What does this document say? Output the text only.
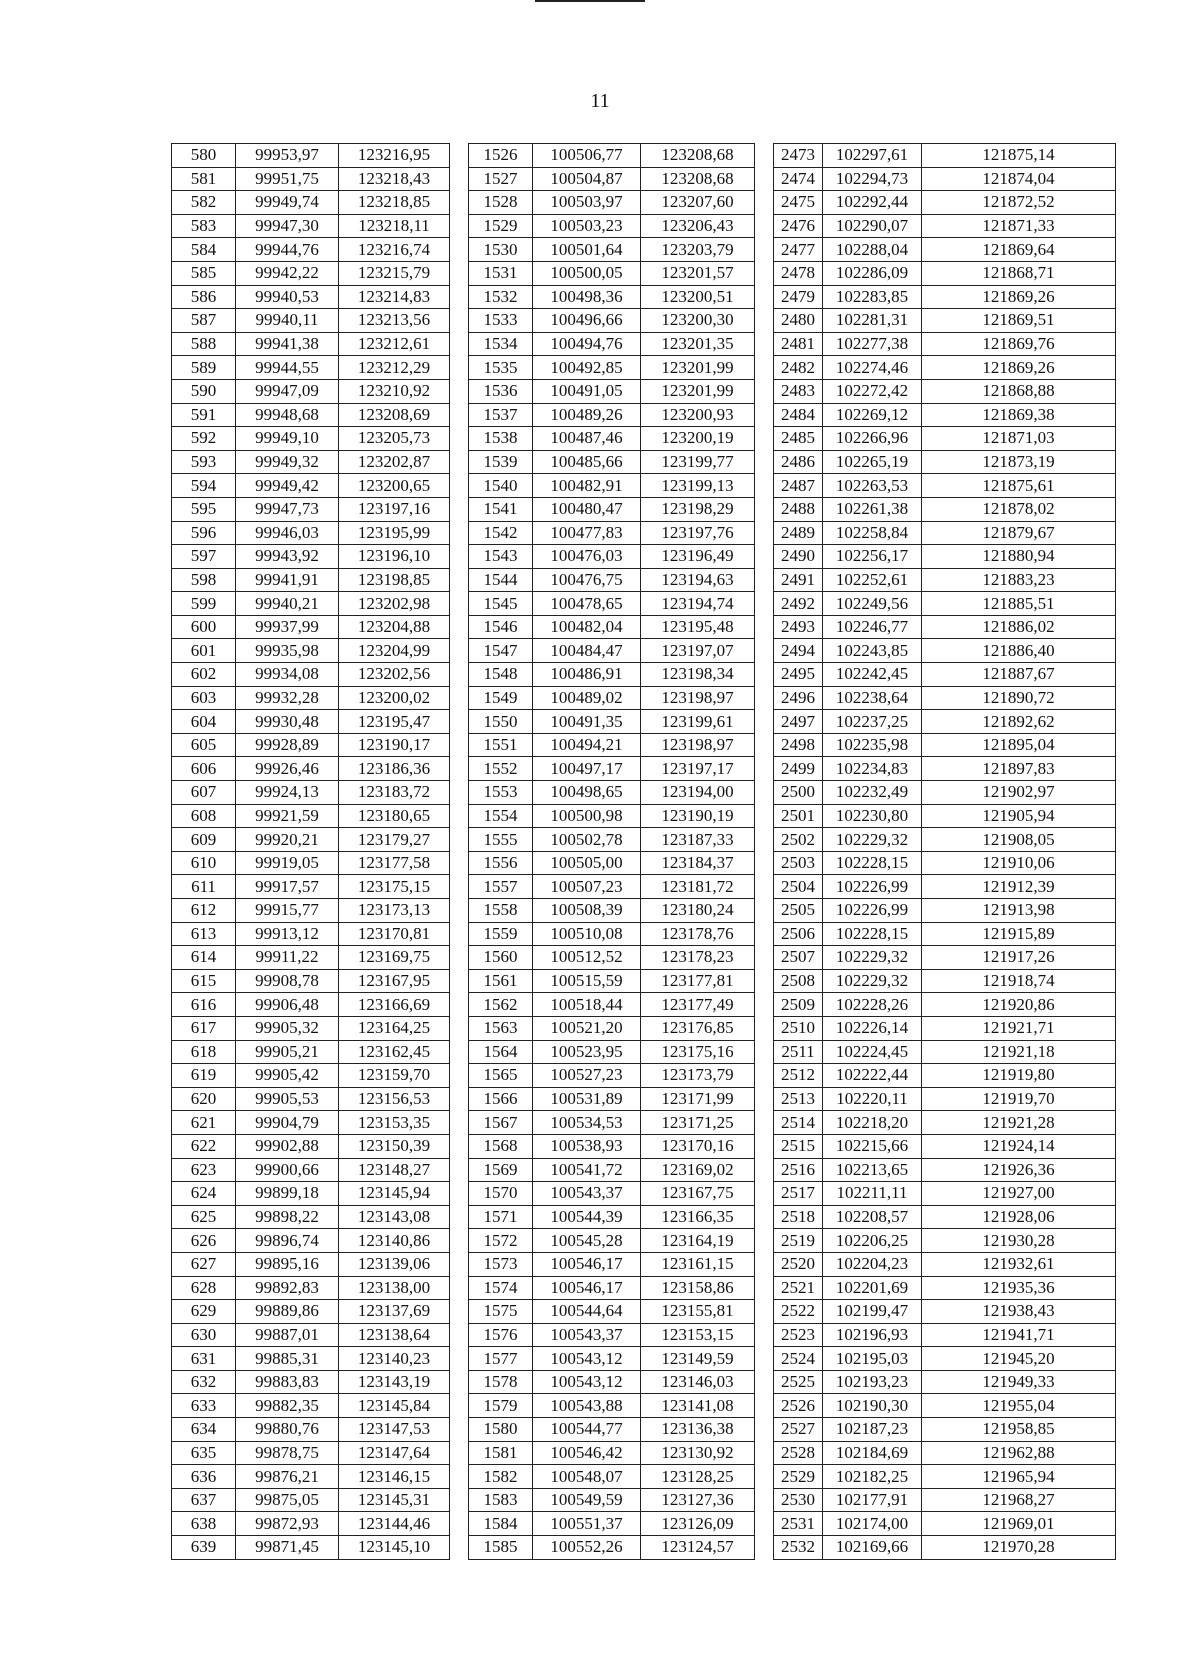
11
580	99953,97	123216,95		1526	100506,77	123208,68		2473	102297,61	121875,14
581	99951,75	123218,43		1527	100504,87	123208,68		2474	102294,73	121874,04
582	99949,74	123218,85		1528	100503,97	123207,60		2475	102292,44	121872,52
583	99947,30	123218,11		1529	100503,23	123206,43		2476	102290,07	121871,33
584	99944,76	123216,74		1530	100501,64	123203,79		2477	102288,04	121869,64
585	99942,22	123215,79		1531	100500,05	123201,57		2478	102286,09	121868,71
586	99940,53	123214,83		1532	100498,36	123200,51		2479	102283,85	121869,26
587	99940,11	123213,56		1533	100496,66	123200,30		2480	102281,31	121869,51
588	99941,38	123212,61		1534	100494,76	123201,35		2481	102277,38	121869,76
589	99944,55	123212,29		1535	100492,85	123201,99		2482	102274,46	121869,26
590	99947,09	123210,92		1536	100491,05	123201,99		2483	102272,42	121868,88
591	99948,68	123208,69		1537	100489,26	123200,93		2484	102269,12	121869,38
592	99949,10	123205,73		1538	100487,46	123200,19		2485	102266,96	121871,03
593	99949,32	123202,87		1539	100485,66	123199,77		2486	102265,19	121873,19
594	99949,42	123200,65		1540	100482,91	123199,13		2487	102263,53	121875,61
595	99947,73	123197,16		1541	100480,47	123198,29		2488	102261,38	121878,02
596	99946,03	123195,99		1542	100477,83	123197,76		2489	102258,84	121879,67
597	99943,92	123196,10		1543	100476,03	123196,49		2490	102256,17	121880,94
598	99941,91	123198,85		1544	100476,75	123194,63		2491	102252,61	121883,23
599	99940,21	123202,98		1545	100478,65	123194,74		2492	102249,56	121885,51
600	99937,99	123204,88		1546	100482,04	123195,48		2493	102246,77	121886,02
601	99935,98	123204,99		1547	100484,47	123197,07		2494	102243,85	121886,40
602	99934,08	123202,56		1548	100486,91	123198,34		2495	102242,45	121887,67
603	99932,28	123200,02		1549	100489,02	123198,97		2496	102238,64	121890,72
604	99930,48	123195,47		1550	100491,35	123199,61		2497	102237,25	121892,62
605	99928,89	123190,17		1551	100494,21	123198,97		2498	102235,98	121895,04
606	99926,46	123186,36		1552	100497,17	123197,17		2499	102234,83	121897,83
607	99924,13	123183,72		1553	100498,65	123194,00		2500	102232,49	121902,97
608	99921,59	123180,65		1554	100500,98	123190,19		2501	102230,80	121905,94
609	99920,21	123179,27		1555	100502,78	123187,33		2502	102229,32	121908,05
610	99919,05	123177,58		1556	100505,00	123184,37		2503	102228,15	121910,06
611	99917,57	123175,15		1557	100507,23	123181,72		2504	102226,99	121912,39
612	99915,77	123173,13		1558	100508,39	123180,24		2505	102226,99	121913,98
613	99913,12	123170,81		1559	100510,08	123178,76		2506	102228,15	121915,89
614	99911,22	123169,75		1560	100512,52	123178,23		2507	102229,32	121917,26
615	99908,78	123167,95		1561	100515,59	123177,81		2508	102229,32	121918,74
616	99906,48	123166,69		1562	100518,44	123177,49		2509	102228,26	121920,86
617	99905,32	123164,25		1563	100521,20	123176,85		2510	102226,14	121921,71
618	99905,21	123162,45		1564	100523,95	123175,16		2511	102224,45	121921,18
619	99905,42	123159,70		1565	100527,23	123173,79		2512	102222,44	121919,80
620	99905,53	123156,53		1566	100531,89	123171,99		2513	102220,11	121919,70
621	99904,79	123153,35		1567	100534,53	123171,25		2514	102218,20	121921,28
622	99902,88	123150,39		1568	100538,93	123170,16		2515	102215,66	121924,14
623	99900,66	123148,27		1569	100541,72	123169,02		2516	102213,65	121926,36
624	99899,18	123145,94		1570	100543,37	123167,75		2517	102211,11	121927,00
625	99898,22	123143,08		1571	100544,39	123166,35		2518	102208,57	121928,06
626	99896,74	123140,86		1572	100545,28	123164,19		2519	102206,25	121930,28
627	99895,16	123139,06		1573	100546,17	123161,15		2520	102204,23	121932,61
628	99892,83	123138,00		1574	100546,17	123158,86		2521	102201,69	121935,36
629	99889,86	123137,69		1575	100544,64	123155,81		2522	102199,47	121938,43
630	99887,01	123138,64		1576	100543,37	123153,15		2523	102196,93	121941,71
631	99885,31	123140,23		1577	100543,12	123149,59		2524	102195,03	121945,20
632	99883,83	123143,19		1578	100543,12	123146,03		2525	102193,23	121949,33
633	99882,35	123145,84		1579	100543,88	123141,08		2526	102190,30	121955,04
634	99880,76	123147,53		1580	100544,77	123136,38		2527	102187,23	121958,85
635	99878,75	123147,64		1581	100546,42	123130,92		2528	102184,69	121962,88
636	99876,21	123146,15		1582	100548,07	123128,25		2529	102182,25	121965,94
637	99875,05	123145,31		1583	100549,59	123127,36		2530	102177,91	121968,27
638	99872,93	123144,46		1584	100551,37	123126,09		2531	102174,00	121969,01
639	99871,45	123145,10		1585	100552,26	123124,57		2532	102169,66	121970,28
